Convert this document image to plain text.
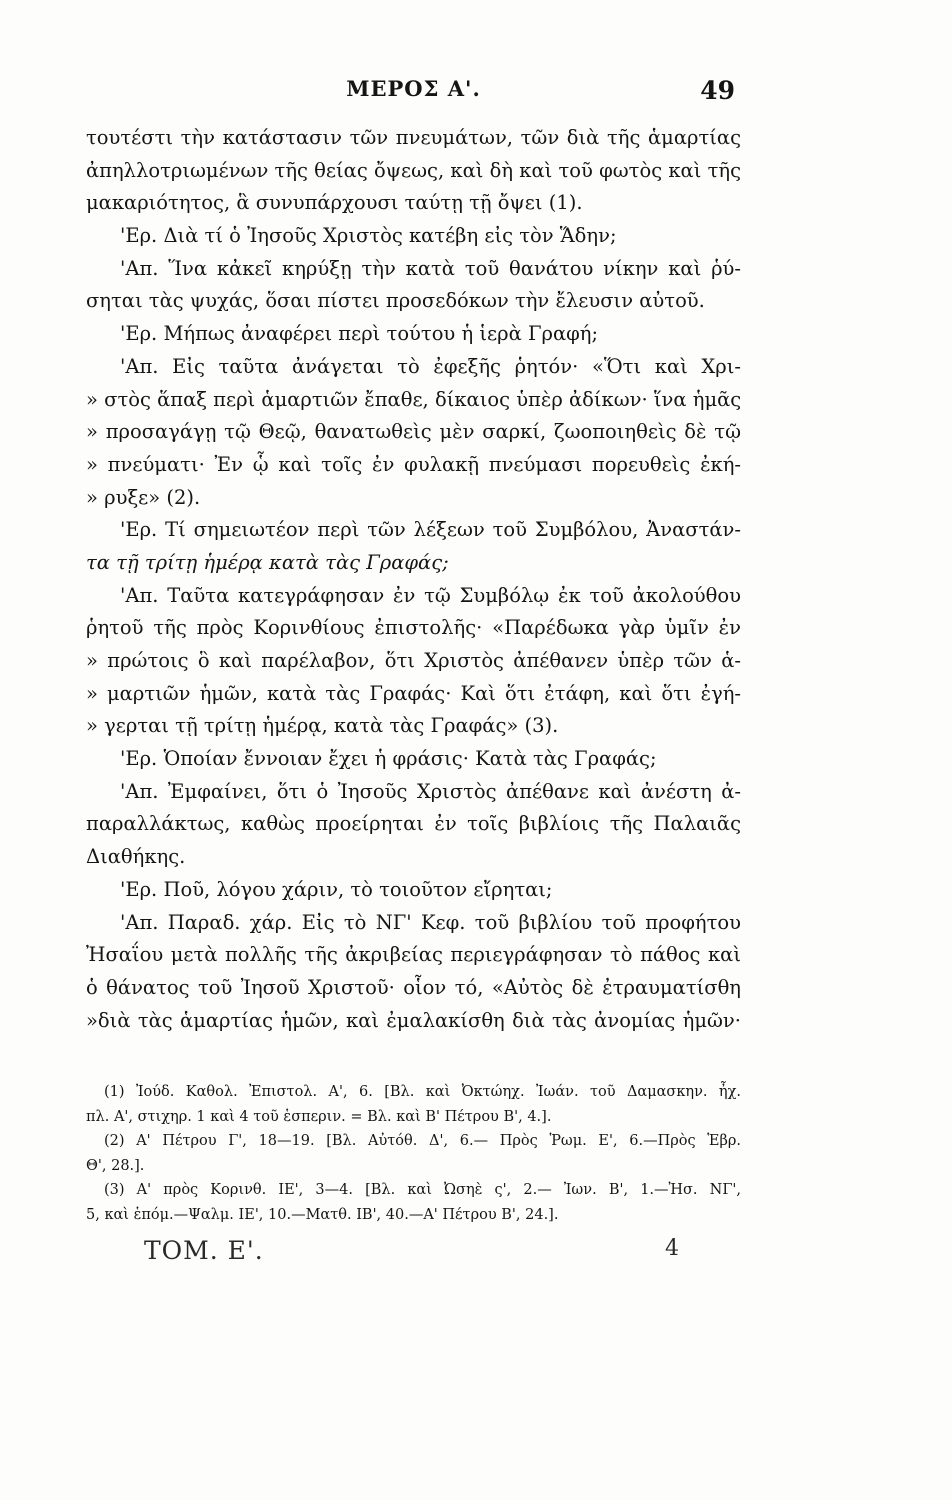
ΜΕΡΟΣ Α'.	49
τουτέστι τὴν κατάστασιν τῶν πνευμάτων, τῶν διὰ τῆς ἁμαρτίας
ἀπηλλοτριωμένων τῆς θείας ὄψεως, καὶ δὴ καὶ τοῦ φωτὸς καὶ τῆς
μακαριότητος, ἃ συνυπάρχουσι ταύτῃ τῇ ὄψει (1).
'Ερ. Διὰ τί ὁ Ἰησοῦς Χριστὸς κατέβη εἰς τὸν Ἅδην;
'Απ. Ἵνα κἀκεῖ κηρύξῃ τὴν κατὰ τοῦ θανάτου νίκην καὶ ῥύ-
σηται τὰς ψυχάς, ὅσαι πίστει προσεδόκων τὴν ἔλευσιν αὐτοῦ.
'Ερ. Μήπως ἀναφέρει περὶ τούτου ἡ ἱερὰ Γραφή;
'Απ. Εἰς ταῦτα ἀνάγεται τὸ ἐφεξῆς ῥητόν· «Ὅτι καὶ Χρι-
» στὸς ἅπαξ περὶ ἁμαρτιῶν ἔπαθε, δίκαιος ὑπὲρ ἀδίκων· ἵνα ἡμᾶς
» προσαγάγῃ τῷ Θεῷ, θανατωθεὶς μὲν σαρκί, ζωοποιηθεὶς δὲ τῷ
» πνεύματι· Ἐν ᾧ καὶ τοῖς ἐν φυλακῇ πνεύμασι πορευθεὶς ἐκή-
» ρυξε» (2).
'Ερ. Τί σημειωτέον περὶ τῶν λέξεων τοῦ Συμβόλου, Ἀναστάν-
τα τῇ τρίτῃ ἡμέρᾳ κατὰ τὰς Γραφάς;
'Απ. Ταῦτα κατεγράφησαν ἐν τῷ Συμβόλῳ ἐκ τοῦ ἀκολούθου
ῥητοῦ τῆς πρὸς Κορινθίους ἐπιστολῆς· «Παρέδωκα γὰρ ὑμῖν ἐν
» πρώτοις ὃ καὶ παρέλαβον, ὅτι Χριστὸς ἀπέθανεν ὑπὲρ τῶν ἁ-
» μαρτιῶν ἡμῶν, κατὰ τὰς Γραφάς· Καὶ ὅτι ἐτάφη, καὶ ὅτι ἐγή-
» γερται τῇ τρίτῃ ἡμέρᾳ, κατὰ τὰς Γραφάς» (3).
'Ερ. Ὁποίαν ἔννοιαν ἔχει ἡ φράσις· Κατὰ τὰς Γραφάς;
'Απ. Ἐμφαίνει, ὅτι ὁ Ἰησοῦς Χριστὸς ἀπέθανε καὶ ἀνέστη ἀ-
παραλλάκτως, καθὼς προείρηται ἐν τοῖς βιβλίοις τῆς Παλαιᾶς
Διαθήκης.
'Ερ. Ποῦ, λόγου χάριν, τὸ τοιοῦτον εἴρηται;
'Απ. Παραδ. χάρ. Εἰς τὸ ΝΓ' Κεφ. τοῦ βιβλίου τοῦ προφήτου
Ἠσαΐου μετὰ πολλῆς τῆς ἀκριβείας περιεγράφησαν τὸ πάθος καὶ
ὁ θάνατος τοῦ Ἰησοῦ Χριστοῦ· οἷον τό, «Αὐτὸς δὲ ἐτραυματίσθη
»διὰ τὰς ἁμαρτίας ἡμῶν, καὶ ἐμαλακίσθη διὰ τὰς ἀνομίας ἡμῶν·
(1) Ἰούδ. Καθολ. Ἐπιστολ. Α', 6. [Βλ. καὶ Ὀκτώηχ. Ἰωάν. τοῦ Δαμασκην. ἦχ.
πλ. Α', στιχηρ. 1 καὶ 4 τοῦ ἑσπεριν. = Βλ. καὶ Β' Πέτρου Β', 4.].
(2) Α' Πέτρου Γ', 18—19. [Βλ. Αὐτόθ. Δ', 6.— Πρὸς Ῥωμ. Ε', 6.—Πρὸς Ἑβρ.
Θ', 28.].
(3) Α' πρὸς Κορινθ. ΙΕ', 3—4. [Βλ. καὶ Ὠσηὲ ς', 2.— Ἰων. Β', 1.—Ἠσ. ΝΓ',
5, καὶ ἑπόμ.—Ψαλμ. ΙΕ', 10.—Ματθ. ΙΒ', 40.—Α' Πέτρου Β', 24.].
ΤΟΜ. Ε'.	4
